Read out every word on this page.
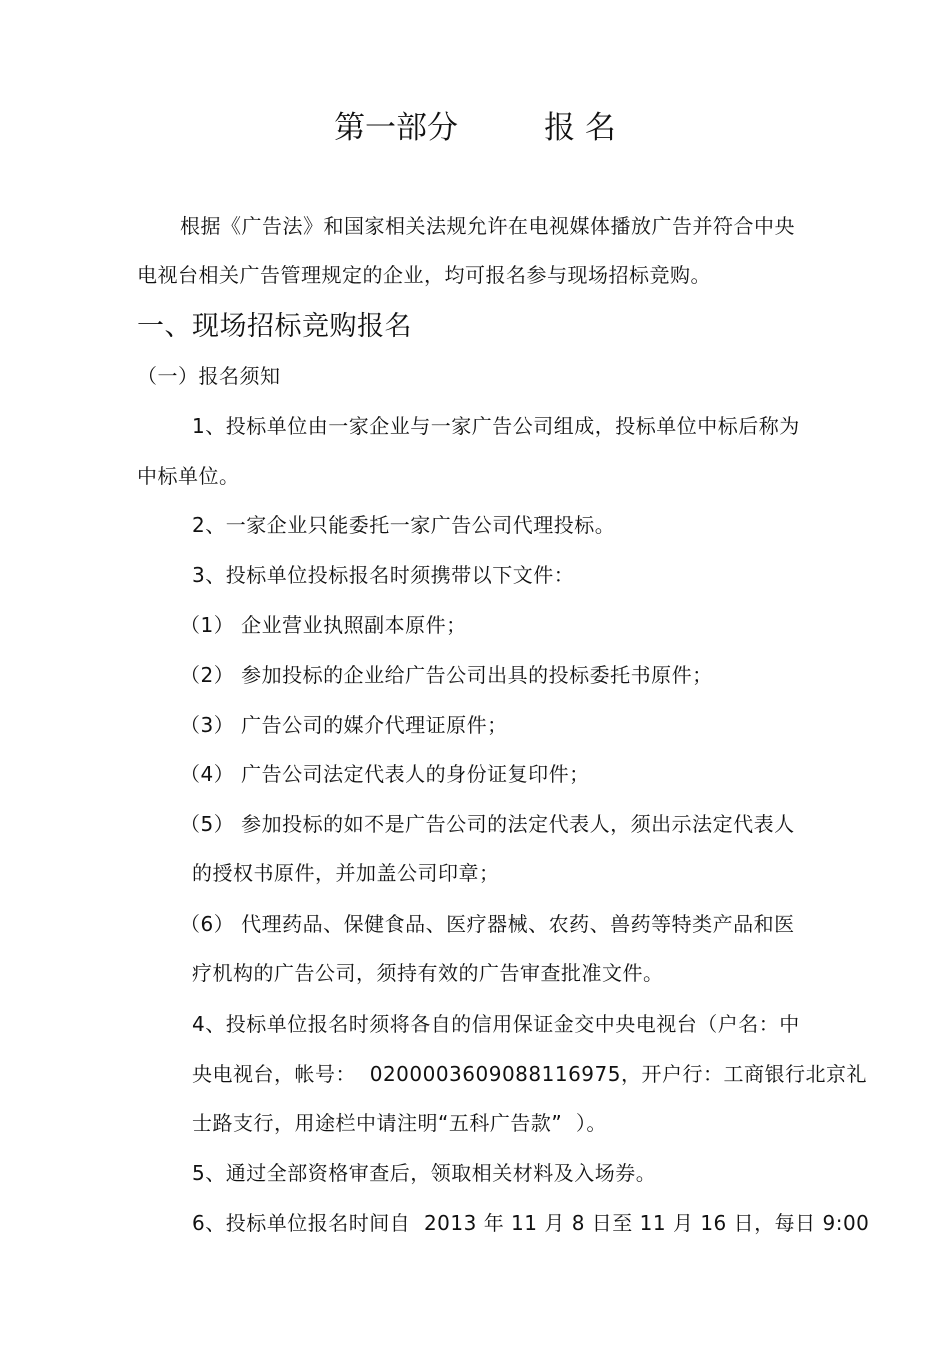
第一部分	报 名
根据《广告法》和国家相关法规允许在电视媒体播放广告并符合中央
电视台相关广告管理规定的企业，均可报名参与现场招标竞购。
一、现场招标竞购报名
（一）报名须知
1、投标单位由一家企业与一家广告公司组成，投标单位中标后称为
中标单位。
2、一家企业只能委托一家广告公司代理投标。
3、投标单位投标报名时须携带以下文件：
（1） 企业营业执照副本原件；
（2） 参加投标的企业给广告公司出具的投标委托书原件；
（3） 广告公司的媒介代理证原件；
（4） 广告公司法定代表人的身份证复印件；
（5） 参加投标的如不是广告公司的法定代表人，须出示法定代表人
的授权书原件，并加盖公司印章；
（6） 代理药品、保健食品、医疗器械、农药、兽药等特类产品和医
疗机构的广告公司，须持有效的广告审查批准文件。
4、投标单位报名时须将各自的信用保证金交中央电视台（户名：中
央电视台，帐号：  0200003609088116975，开户行：工商银行北京礼
士路支行，用途栏中请注明“五科广告款”  ）。
5、通过全部资格审查后，领取相关材料及入场券。
6、投标单位报名时间自  2013 年 11 月 8 日至 11 月 16 日，每日 9:00
